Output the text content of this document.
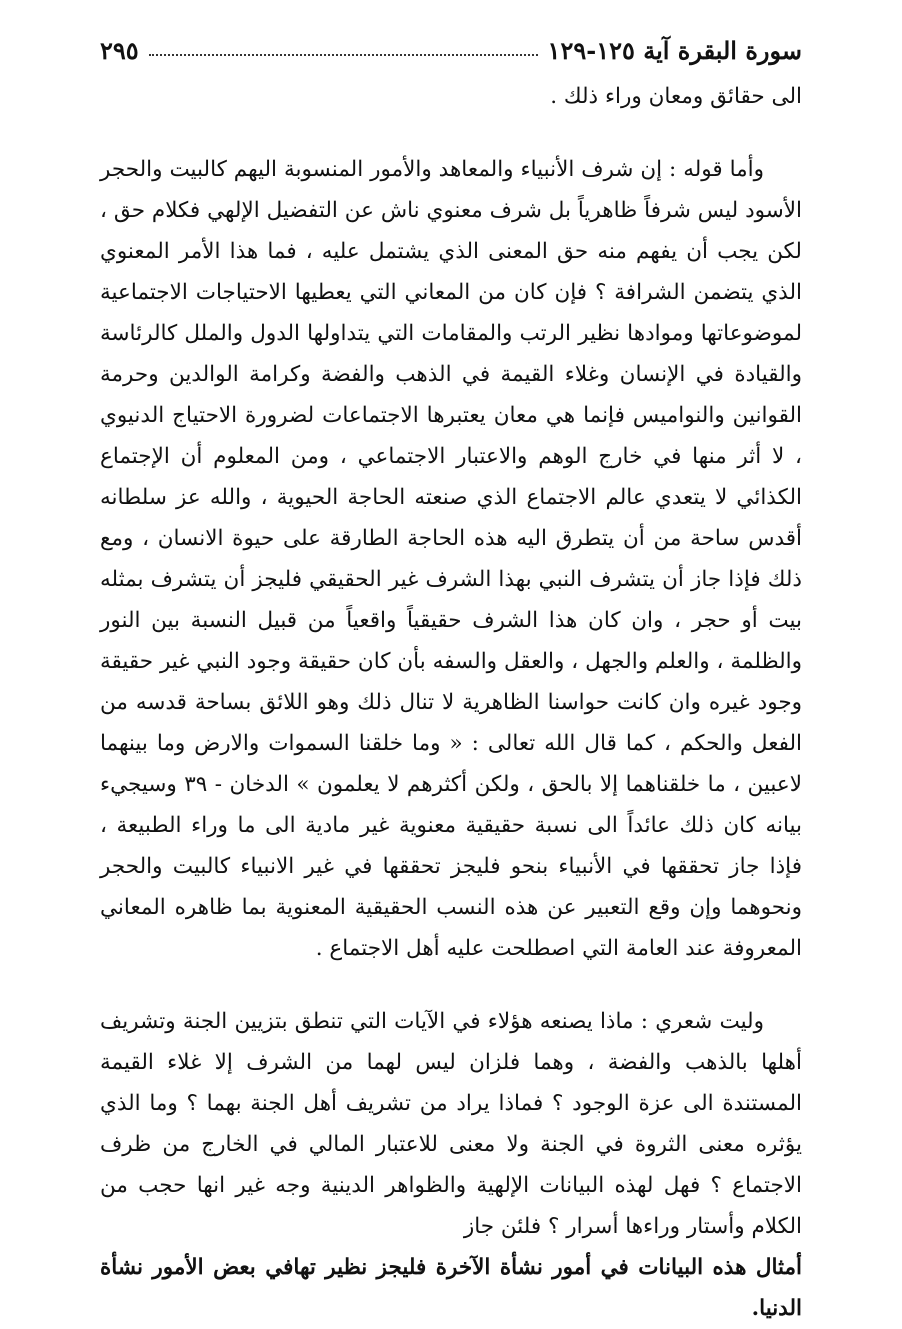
سورة البقرة آية ١٢٥-١٢٩
٢٩٥

الى حقائق ومعان وراء ذلك .

وأما قوله : إن شرف الأنبياء والمعاهد والأمور المنسوبة اليهم كالبيت والحجر الأسود ليس شرفاً ظاهرياً بل شرف معنوي ناش عن التفضيل الإلهي فكلام حق ، لكن يجب أن يفهم منه حق المعنى الذي يشتمل عليه ، فما هذا الأمر المعنوي الذي يتضمن الشرافة ؟ فإن كان من المعاني التي يعطيها الاحتياجات الاجتماعية لموضوعاتها وموادها نظير الرتب والمقامات التي يتداولها الدول والملل كالرئاسة والقيادة في الإنسان وغلاء القيمة في الذهب والفضة وكرامة الوالدين وحرمة القوانين والنواميس فإنما هي معان يعتبرها الاجتماعات لضرورة الاحتياج الدنيوي ، لا أثر منها في خارج الوهم والاعتبار الاجتماعي ، ومن المعلوم أن الإجتماع الكذائي لا يتعدي عالم الاجتماع الذي صنعته الحاجة الحيوية ، والله عز سلطانه أقدس ساحة من أن يتطرق اليه هذه الحاجة الطارقة على حيوة الانسان ، ومع ذلك فإذا جاز أن يتشرف النبي بهذا الشرف غير الحقيقي فليجز أن يتشرف بمثله بيت أو حجر ، وان كان هذا الشرف حقيقياً واقعياً من قبيل النسبة بين النور والظلمة ، والعلم والجهل ، والعقل والسفه بأن كان حقيقة وجود النبي غير حقيقة وجود غيره وان كانت حواسنا الظاهرية لا تنال ذلك وهو اللائق بساحة قدسه من الفعل والحكم ، كما قال الله تعالى : « وما خلقنا السموات والارض وما بينهما لاعبين ، ما خلقناهما إلا بالحق ، ولكن أكثرهم لا يعلمون » الدخان - ٣٩ وسيجيء بيانه كان ذلك عائداً الى نسبة حقيقية معنوية غير مادية الى ما وراء الطبيعة ، فإذا جاز تحققها في الأنبياء بنحو فليجز تحققها في غير الانبياء كالبيت والحجر ونحوهما وإن وقع التعبير عن هذه النسب الحقيقية المعنوية بما ظاهره المعاني المعروفة عند العامة التي اصطلحت عليه أهل الاجتماع .

وليت شعري : ماذا يصنعه هؤلاء في الآيات التي تنطق بتزيين الجنة وتشريف أهلها بالذهب والفضة ، وهما فلزان ليس لهما من الشرف إلا غلاء القيمة المستندة الى عزة الوجود ؟ فماذا يراد من تشريف أهل الجنة بهما ؟ وما الذي يؤثره معنى الثروة في الجنة ولا معنى للاعتبار المالي في الخارج من ظرف الاجتماع ؟ فهل لهذه البيانات الإلهية والظواهر الدينية وجه غير انها حجب من الكلام وأستار وراءها أسرار ؟ فلئن جاز

أمثال هذه البيانات في أمور نشأة الآخرة فليجز نظير تهافي بعض الأمور نشأة الدنيا.
